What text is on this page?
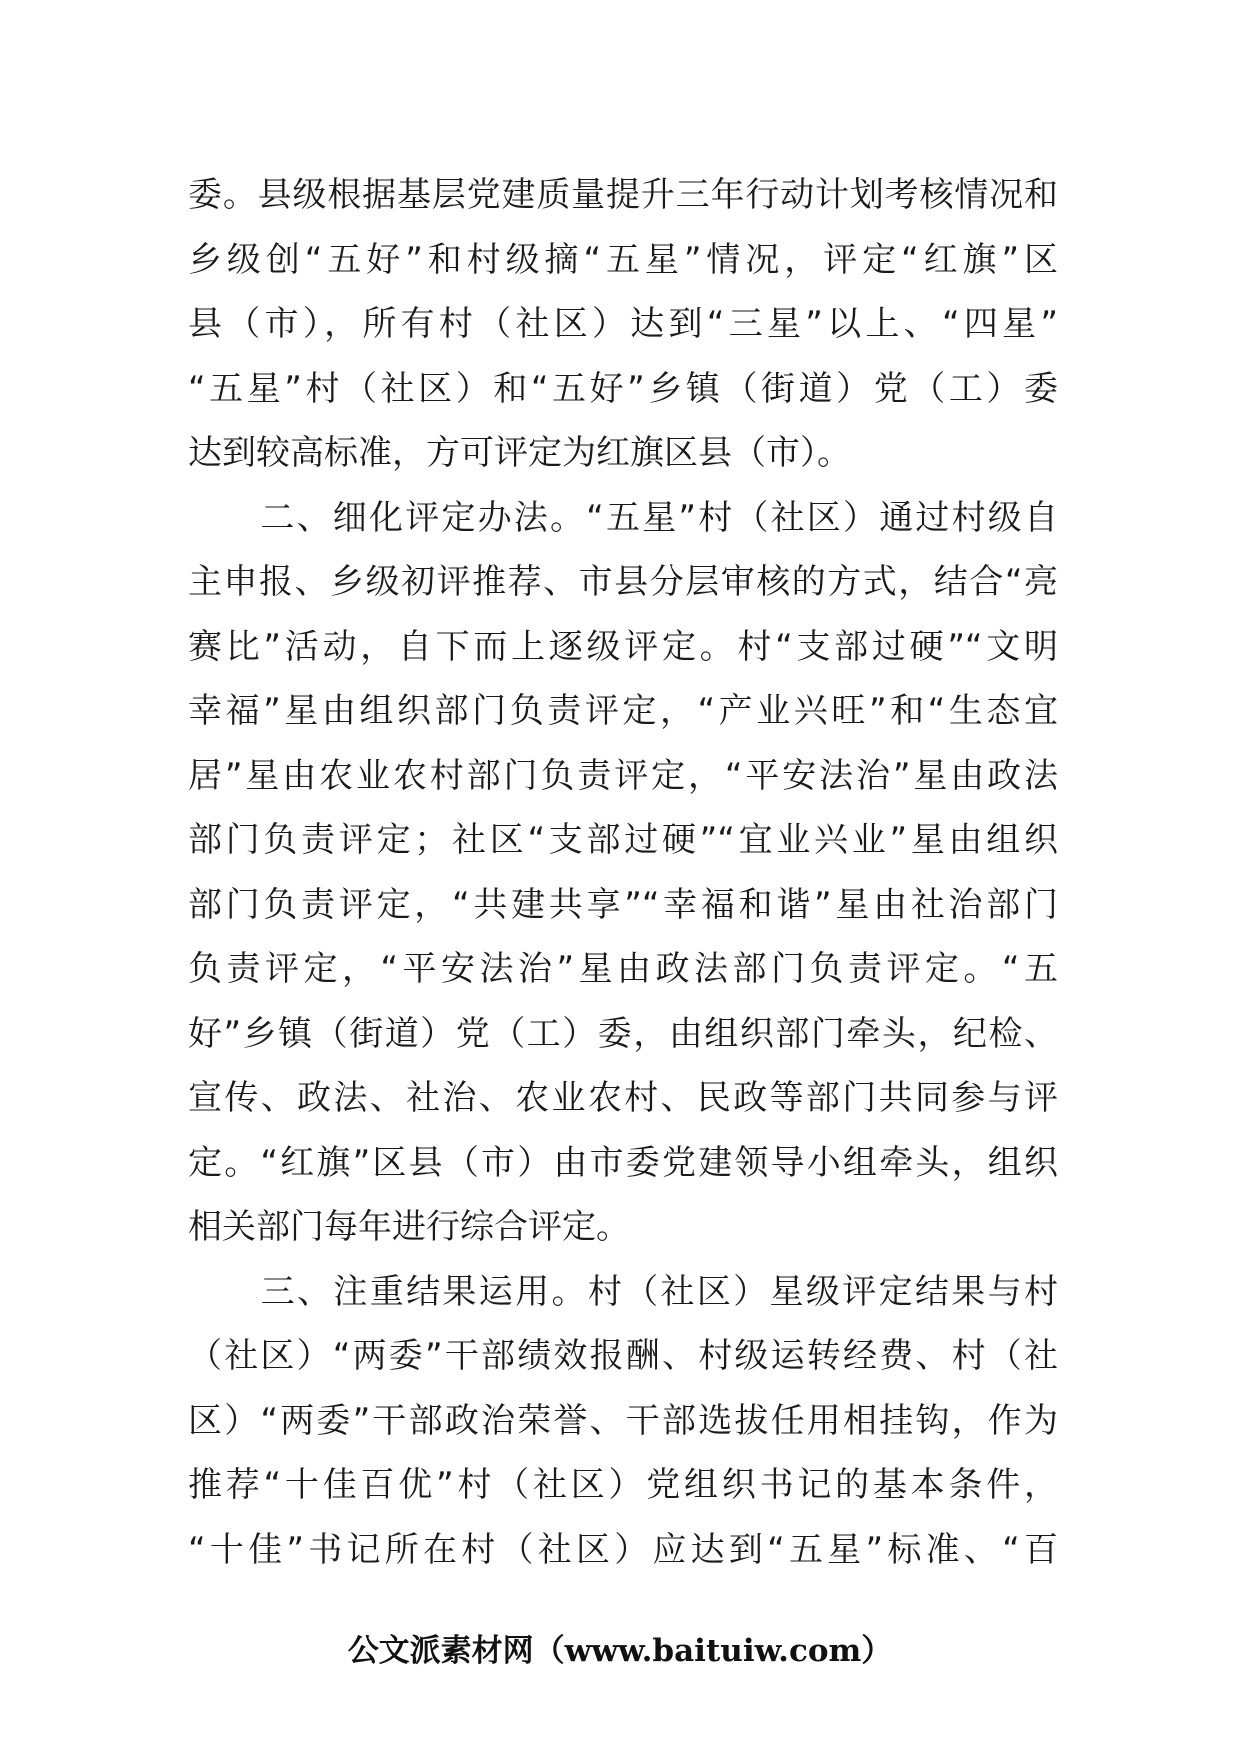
委。县级根据基层党建质量提升三年行动计划考核情况和
乡级创“五好”和村级摘“五星”情况，评定“红旗”区
县（市），所有村（社区）达到“三星”以上、“四星”
“五星”村（社区）和“五好”乡镇（街道）党（工）委
达到较高标准，方可评定为红旗区县（市）。
　　二、细化评定办法。“五星”村（社区）通过村级自
主申报、乡级初评推荐、市县分层审核的方式，结合“亮
赛比”活动，自下而上逐级评定。村“支部过硬”“文明
幸福”星由组织部门负责评定，“产业兴旺”和“生态宜
居”星由农业农村部门负责评定，“平安法治”星由政法
部门负责评定；社区“支部过硬”“宜业兴业”星由组织
部门负责评定，“共建共享”“幸福和谐”星由社治部门
负责评定，“平安法治”星由政法部门负责评定。“五
好”乡镇（街道）党（工）委，由组织部门牵头，纪检、
宣传、政法、社治、农业农村、民政等部门共同参与评
定。“红旗”区县（市）由市委党建领导小组牵头，组织
相关部门每年进行综合评定。
　　三、注重结果运用。村（社区）星级评定结果与村
（社区）“两委”干部绩效报酬、村级运转经费、村（社
区）“两委”干部政治荣誉、干部选拔任用相挂钩，作为
推荐“十佳百优”村（社区）党组织书记的基本条件，
“十佳”书记所在村（社区）应达到“五星”标准、“百
公文派素材网（www.baituiw.com）
